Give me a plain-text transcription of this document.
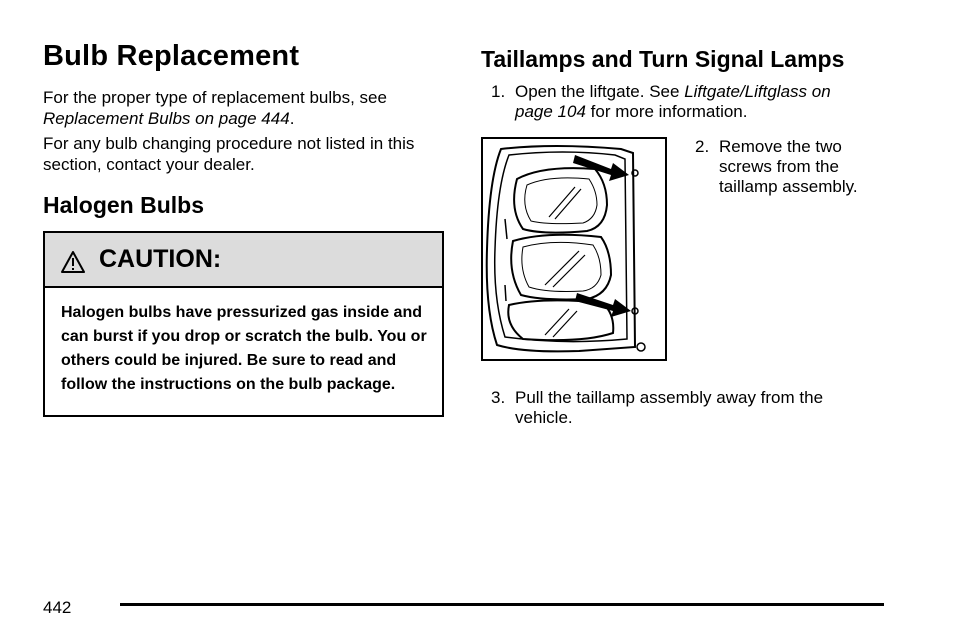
Bulb Replacement

For the proper type of replacement bulbs, see
Replacement Bulbs on page 444.

For any bulb changing procedure not listed in this section, contact your dealer.

Halogen Bulbs
CAUTION:
Halogen bulbs have pressurized gas inside and can burst if you drop or scratch the bulb. You or others could be injured. Be sure to read and follow the instructions on the bulb package.
Taillamps and Turn Signal Lamps
1. Open the liftgate. See Liftgate/Liftglass on page 104 for more information.
2. Remove the two screws from the taillamp assembly.
3. Pull the taillamp assembly away from the vehicle.
442
